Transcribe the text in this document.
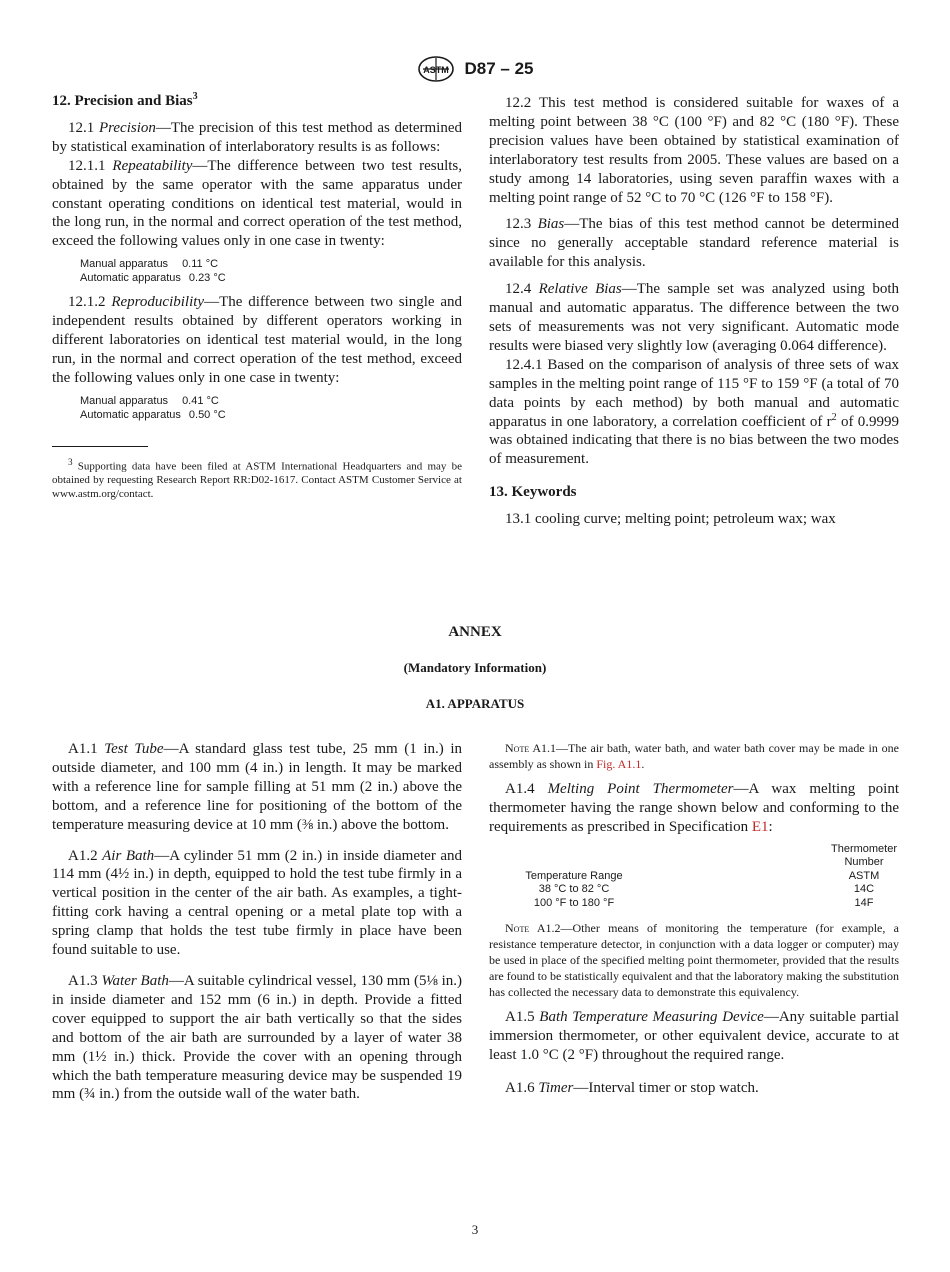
ASTM D87 – 25
12. Precision and Bias$^3$

12.1 Precision—The precision of this test method as determined by statistical examination of interlaboratory results is as follows:

12.1.1 Repeatability—The difference between two test results, obtained by the same operator with the same apparatus under constant operating conditions on identical test material, would in the long run, in the normal and correct operation of the test method, exceed the following values only in one case in twenty:

Manual apparatus 0.11 °C
Automatic apparatus 0.23 °C

12.1.2 Reproducibility—The difference between two single and independent results obtained by different operators working in different laboratories on identical test material would, in the long run, in the normal and correct operation of the test method, exceed the following values only in one case in twenty:

Manual apparatus 0.41 °C
Automatic apparatus 0.50 °C
$^3$ Supporting data have been filed at ASTM International Headquarters and may be obtained by requesting Research Report RR:D02-1617. Contact ASTM Customer Service at www.astm.org/contact.

12.2 This test method is considered suitable for waxes of a melting point between 38 °C (100 °F) and 82 °C (180 °F). These precision values have been obtained by statistical examination of interlaboratory test results from 2005. These values are based on a study among 14 laboratories, using seven paraffin waxes with a melting point range of 52 °C to 70 °C (126 °F to 158 °F).

12.3 Bias—The bias of this test method cannot be determined since no generally acceptable standard reference material is available for this analysis.

12.4 Relative Bias—The sample set was analyzed using both manual and automatic apparatus. The difference between the two sets of measurements was not very significant. Automatic mode results were biased very slightly low (averaging 0.064 difference).

12.4.1 Based on the comparison of analysis of three sets of wax samples in the melting point range of 115 °F to 159 °F (a total of 70 data points by each method) by both manual and automatic apparatus in one laboratory, a correlation coefficient of $r^2$ of 0.9999 was obtained indicating that there is no bias between the two modes of measurement.

13. Keywords

13.1 cooling curve; melting point; petroleum wax; wax

ANNEX
(Mandatory Information)
A1. APPARATUS

A1.1 Test Tube—A standard glass test tube, 25 mm (1 in.) in outside diameter, and 100 mm (4 in.) in length. It may be marked with a reference line for sample filling at 51 mm (2 in.) above the bottom, and a reference line for positioning of the bottom of the temperature measuring device at 10 mm (⅜ in.) above the bottom.

A1.2 Air Bath—A cylinder 51 mm (2 in.) in inside diameter and 114 mm (4½ in.) in depth, equipped to hold the test tube firmly in a vertical position in the center of the air bath. As examples, a tight-fitting cork having a central opening or a metal plate top with a spring clamp that holds the test tube firmly in place have been found suitable to use.

A1.3 Water Bath—A suitable cylindrical vessel, 130 mm (5⅛ in.) in inside diameter and 152 mm (6 in.) in depth. Provide a fitted cover equipped to support the air bath vertically so that the sides and bottom of the air bath are surrounded by a layer of water 38 mm (1½ in.) thick. Provide the cover with an opening through which the bath temperature measuring device may be suspended 19 mm (¾ in.) from the outside wall of the water bath.

Note A1.1—The air bath, water bath, and water bath cover may be made in one assembly as shown in Fig. A1.1.

A1.4 Melting Point Thermometer—A wax melting point thermometer having the range shown below and conforming to the requirements as prescribed in Specification E1:

		Thermometer
		Number
Temperature Range		ASTM
38 °C to 82 °C		14C
100 °F to 180 °F		14F

Note A1.2—Other means of monitoring the temperature (for example, a resistance temperature detector, in conjunction with a data logger or computer) may be used in place of the specified melting point thermometer, provided that the results are found to be statistically equivalent and that the laboratory making the substitution has collected the necessary data to demonstrate this equivalency.

A1.5 Bath Temperature Measuring Device—Any suitable partial immersion thermometer, or other equivalent device, accurate to at least 1.0 °C (2 °F) throughout the required range.

A1.6 Timer—Interval timer or stop watch.

3
